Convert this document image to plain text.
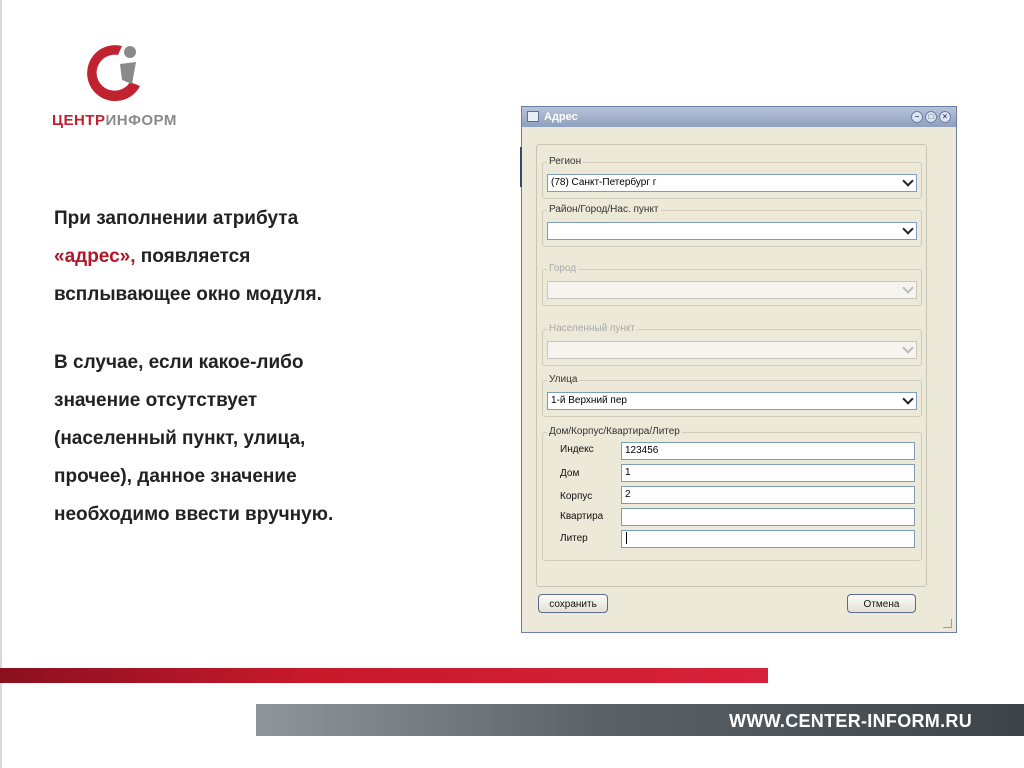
ЦЕНТРИНФОРМ

При заполнении атрибута

«адрес», появляется

всплывающее окно модуля.

В случае, если какое-либо

значение отсутствует

(населенный пункт, улица,

прочее), данное значение

необходимо ввести вручную.

Адрес	–	□	×
Регион
(78) Санкт-Петербург г
Район/Город/Нас. пункт
Город
Населенный пункт
Улица
1-й Верхний пер
Дом/Корпус/Квартира/Литер
Индекс	123456
Дом	1
Корпус	2
Квартира
Литер
сохранить	Отмена
WWW.CENTER-INFORM.RU
